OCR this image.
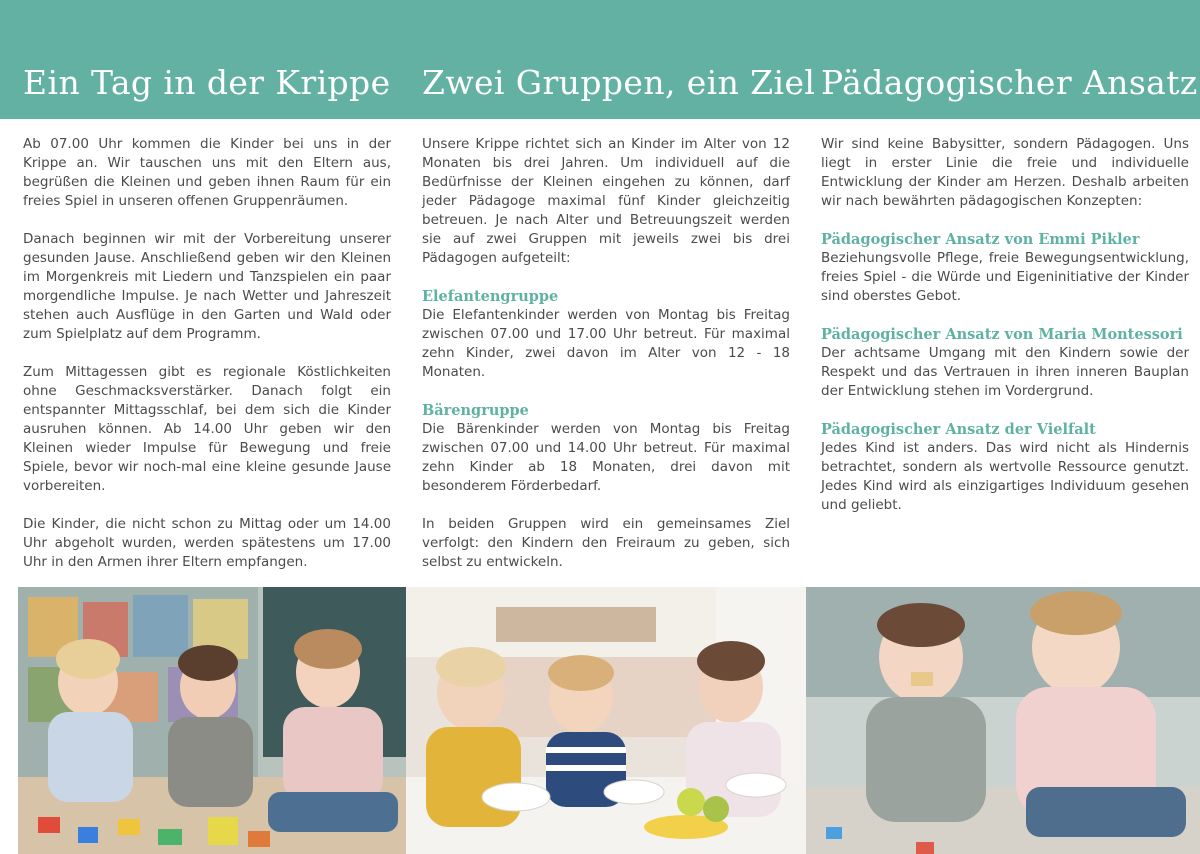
Ein Tag in der Krippe Zwei Gruppen, ein Ziel Pädagogischer Ansatz

Ab 07.00 Uhr kommen die Kinder bei uns in der Krippe an. Wir tauschen uns mit den Eltern aus, begrüßen die Kleinen und geben ihnen Raum für ein freies Spiel in unseren offenen Gruppenräumen.

Danach beginnen wir mit der Vorbereitung unserer gesunden Jause. Anschließend geben wir den Kleinen im Morgenkreis mit Liedern und Tanzspielen ein paar morgendliche Impulse. Je nach Wetter und Jahreszeit stehen auch Ausflüge in den Garten und Wald oder zum Spielplatz auf dem Programm.

Zum Mittagessen gibt es regionale Köstlichkeiten ohne Geschmacksverstärker. Danach folgt ein entspannter Mittagsschlaf, bei dem sich die Kinder ausruhen können. Ab 14.00 Uhr geben wir den Kleinen wieder Impulse für Bewegung und freie Spiele, bevor wir noch-mal eine kleine gesunde Jause vorbereiten.

Die Kinder, die nicht schon zu Mittag oder um 14.00 Uhr abgeholt wurden, werden spätestens um 17.00 Uhr in den Armen ihrer Eltern empfangen.

Unsere Krippe richtet sich an Kinder im Alter von 12 Monaten bis drei Jahren. Um individuell auf die Bedürfnisse der Kleinen eingehen zu können, darf jeder Pädagoge maximal fünf Kinder gleichzeitig betreuen. Je nach Alter und Betreuungszeit werden sie auf zwei Gruppen mit jeweils zwei bis drei Pädagogen aufgeteilt:

Elefantengruppe
Die Elefantenkinder werden von Montag bis Freitag zwischen 07.00 und 17.00 Uhr betreut. Für maximal zehn Kinder, zwei davon im Alter von 12 - 18 Monaten.
Bärengruppe
Die Bärenkinder werden von Montag bis Freitag zwischen 07.00 und 14.00 Uhr betreut. Für maximal zehn Kinder ab 18 Monaten, drei davon mit besonderem Förderbedarf.

In beiden Gruppen wird ein gemeinsames Ziel verfolgt: den Kindern den Freiraum zu geben, sich selbst zu entwickeln.

Wir sind keine Babysitter, sondern Pädagogen. Uns liegt in erster Linie die freie und individuelle Entwicklung der Kinder am Herzen. Deshalb arbeiten wir nach bewährten pädagogischen Konzepten:

Pädagogischer Ansatz von Emmi Pikler
Beziehungsvolle Pflege, freie Bewegungsentwicklung, freies Spiel - die Würde und Eigeninitiative der Kinder sind oberstes Gebot.
Pädagogischer Ansatz von Maria Montessori
Der achtsame Umgang mit den Kindern sowie der Respekt und das Vertrauen in ihren inneren Bauplan der Entwicklung stehen im Vordergrund.
Pädagogischer Ansatz der Vielfalt
Jedes Kind ist anders. Das wird nicht als Hindernis betrachtet, sondern als wertvolle Ressource genutzt. Jedes Kind wird als einzigartiges Individuum gesehen und geliebt.
